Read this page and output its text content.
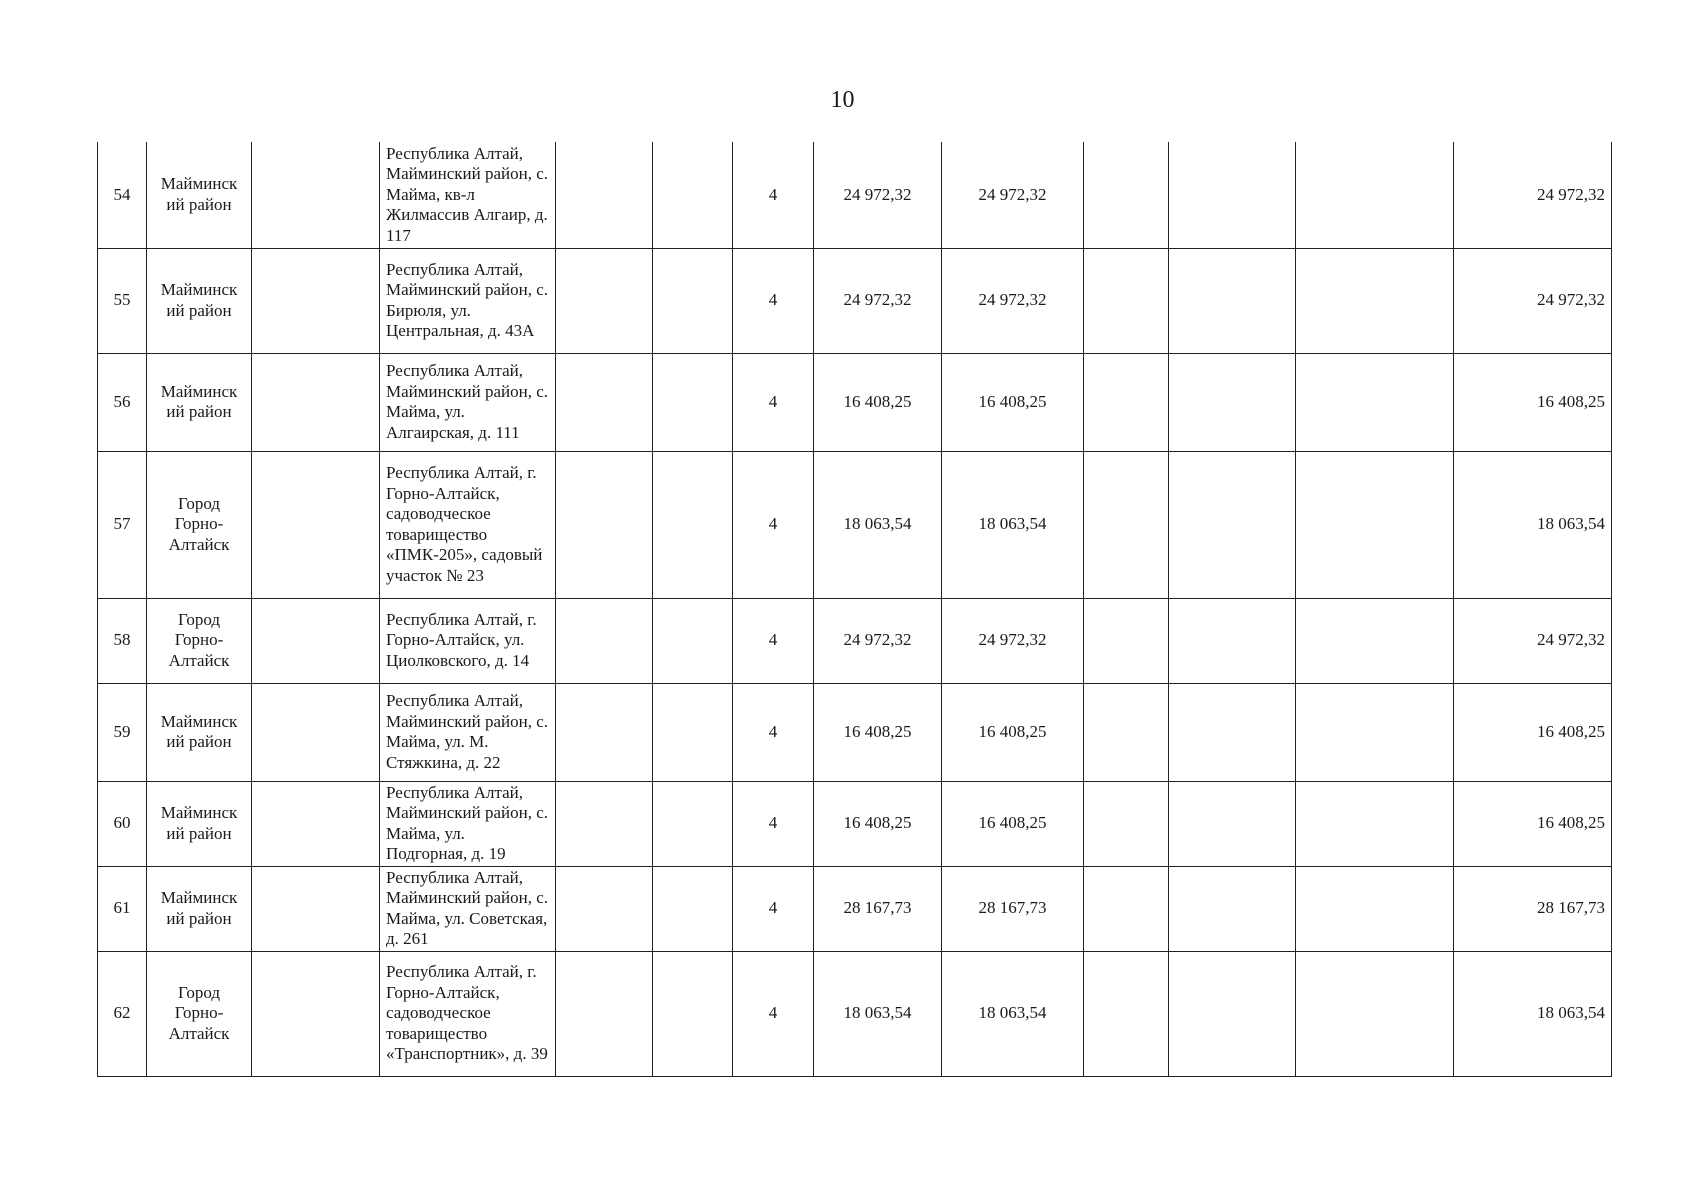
10
54	Майминск ий район		Республика Алтай, Майминский район, с. Майма, кв-л Жилмассив Алгаир, д. 117			4	24 972,32	24 972,32				24 972,32
55	Майминск ий район		Республика Алтай, Майминский район, с. Бирюля, ул. Центральная, д. 43А			4	24 972,32	24 972,32				24 972,32
56	Майминск ий район		Республика Алтай, Майминский район, с. Майма, ул. Алгаирская, д. 111			4	16 408,25	16 408,25				16 408,25
57	Город Горно-Алтайск		Республика Алтай, г. Горно-Алтайск, садоводческое товарищество «ПМК-205», садовый участок № 23			4	18 063,54	18 063,54				18 063,54
58	Город Горно-Алтайск		Республика Алтай, г. Горно-Алтайск, ул. Циолковского, д. 14			4	24 972,32	24 972,32				24 972,32
59	Майминск ий район		Республика Алтай, Майминский район, с. Майма, ул. М. Стяжкина, д. 22			4	16 408,25	16 408,25				16 408,25
60	Майминск ий район		Республика Алтай, Майминский район, с. Майма, ул. Подгорная, д. 19			4	16 408,25	16 408,25				16 408,25
61	Майминск ий район		Республика Алтай, Майминский район, с. Майма, ул. Советская, д. 261			4	28 167,73	28 167,73				28 167,73
62	Город Горно-Алтайск		Республика Алтай, г. Горно-Алтайск, садоводческое товарищество «Транспортник», д. 39			4	18 063,54	18 063,54				18 063,54
